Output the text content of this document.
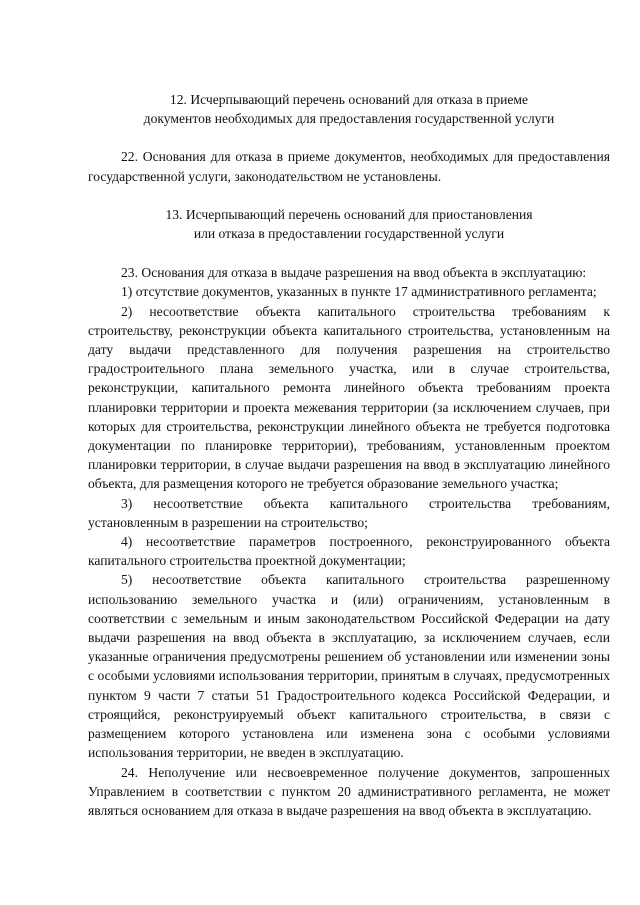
12. Исчерпывающий перечень оснований для отказа в приеме
документов необходимых для предоставления государственной услуги

22. Основания для отказа в приеме документов, необходимых для предоставления государственной услуги, законодательством не установлены.

13. Исчерпывающий перечень оснований для приостановления
или отказа в предоставлении государственной услуги

23. Основания для отказа в выдаче разрешения на ввод объекта в эксплуатацию:

1) отсутствие документов, указанных в пункте 17 административного регламента;

2) несоответствие объекта капитального строительства требованиям к строительству, реконструкции объекта капитального строительства, установленным на дату выдачи представленного для получения разрешения на строительство градостроительного плана земельного участка, или в случае строительства, реконструкции, капитального ремонта линейного объекта требованиям проекта планировки территории и проекта межевания территории (за исключением случаев, при которых для строительства, реконструкции линейного объекта не требуется подготовка документации по планировке территории), требованиям, установленным проектом планировки территории, в случае выдачи разрешения на ввод в эксплуатацию линейного объекта, для размещения которого не требуется образование земельного участка;

3) несоответствие объекта капитального строительства требованиям, установленным в разрешении на строительство;

4) несоответствие параметров построенного, реконструированного объекта капитального строительства проектной документации;

5) несоответствие объекта капитального строительства разрешенному использованию земельного участка и (или) ограничениям, установленным в соответствии с земельным и иным законодательством Российской Федерации на дату выдачи разрешения на ввод объекта в эксплуатацию, за исключением случаев, если указанные ограничения предусмотрены решением об установлении или изменении зоны с особыми условиями использования территории, принятым в случаях, предусмотренных пунктом 9 части 7 статьи 51 Градостроительного кодекса Российской Федерации, и строящийся, реконструируемый объект капитального строительства, в связи с размещением которого установлена или изменена зона с особыми условиями использования территории, не введен в эксплуатацию.

24. Неполучение или несвоевременное получение документов, запрошенных Управлением в соответствии с пунктом 20 административного регламента, не может являться основанием для отказа в выдаче разрешения на ввод объекта в эксплуатацию.
